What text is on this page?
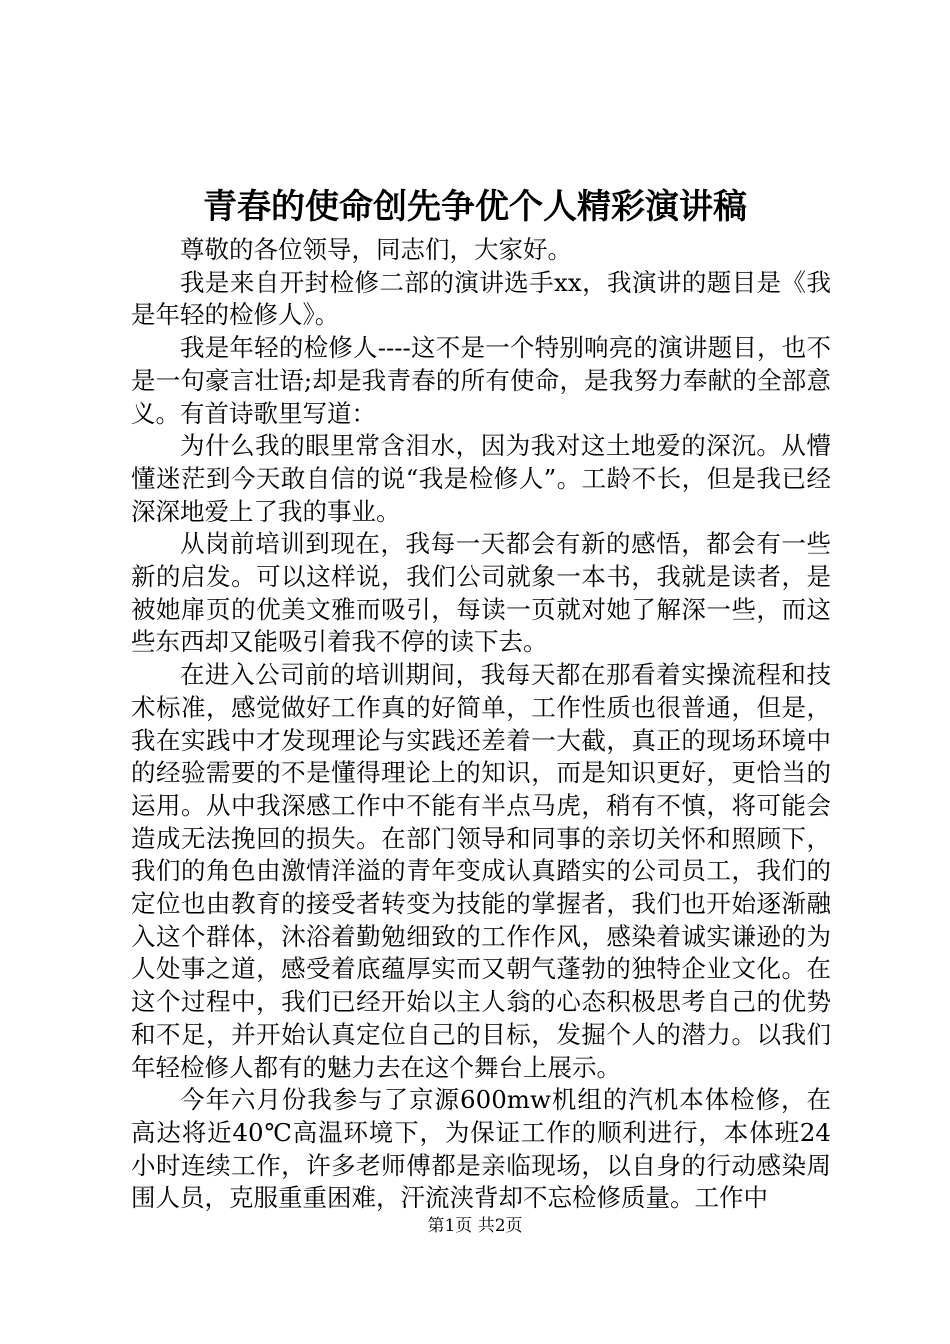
青春的使命创先争优个人精彩演讲稿

尊敬的各位领导，同志们，大家好。

我是来自开封检修二部的演讲选手xx，我演讲的题目是《我是年轻的检修人》。

我是年轻的检修人----这不是一个特别响亮的演讲题目，也不是一句豪言壮语;却是我青春的所有使命，是我努力奉献的全部意义。有首诗歌里写道：

为什么我的眼里常含泪水，因为我对这土地爱的深沉。从懵懂迷茫到今天敢自信的说“我是检修人”。工龄不长，但是我已经深深地爱上了我的事业。

从岗前培训到现在，我每一天都会有新的感悟，都会有一些新的启发。可以这样说，我们公司就象一本书，我就是读者，是被她扉页的优美文雅而吸引，每读一页就对她了解深一些，而这些东西却又能吸引着我不停的读下去。

在进入公司前的培训期间，我每天都在那看着实操流程和技术标准，感觉做好工作真的好简单，工作性质也很普通，但是，我在实践中才发现理论与实践还差着一大截，真正的现场环境中的经验需要的不是懂得理论上的知识，而是知识更好，更恰当的运用。从中我深感工作中不能有半点马虎，稍有不慎，将可能会造成无法挽回的损失。在部门领导和同事的亲切关怀和照顾下，我们的角色由激情洋溢的青年变成认真踏实的公司员工，我们的定位也由教育的接受者转变为技能的掌握者，我们也开始逐渐融入这个群体，沐浴着勤勉细致的工作作风，感染着诚实谦逊的为人处事之道，感受着底蕴厚实而又朝气蓬勃的独特企业文化。在这个过程中，我们已经开始以主人翁的心态积极思考自己的优势和不足，并开始认真定位自己的目标，发掘个人的潜力。以我们年轻检修人都有的魅力去在这个舞台上展示。

今年六月份我参与了京源600mw机组的汽机本体检修，在高达将近40℃高温环境下，为保证工作的顺利进行，本体班24小时连续工作，许多老师傅都是亲临现场，以自身的行动感染周围人员，克服重重困难，汗流浃背却不忘检修质量。工作中

第1页 共2页
